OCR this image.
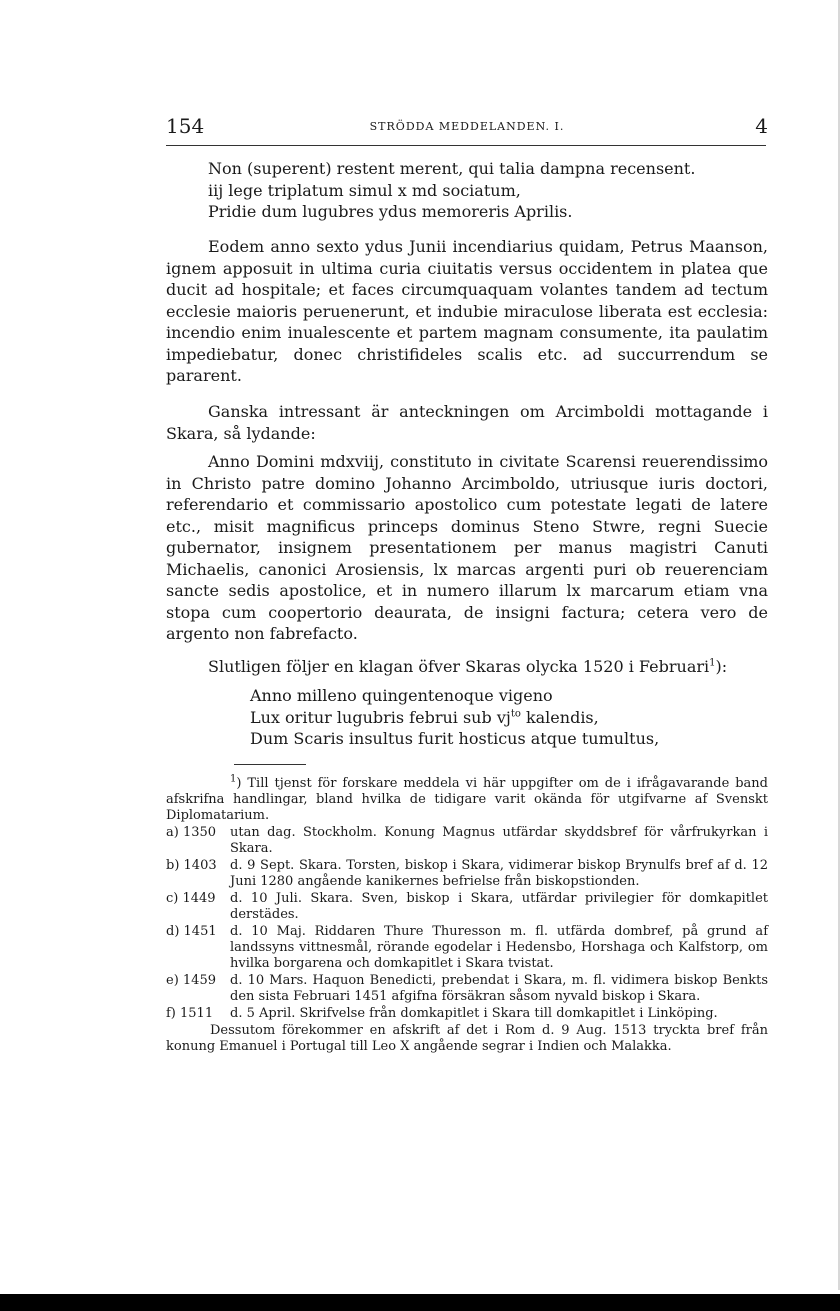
154	STRÖDDA MEDDELANDEN. I.	4
Non (superent) restent merent, qui talia dampna recensent.
iij lege triplatum simul x md sociatum,
Pridie dum lugubres ydus memoreris Aprilis.
Eodem anno sexto ydus Junii incendiarius quidam, Petrus Maanson, ignem apposuit in ultima curia ciuitatis versus occidentem in platea que ducit ad hospitale; et faces circumquaquam volantes tandem ad tectum ecclesie maioris peruenerunt, et indubie miraculose liberata est ecclesia: incendio enim inualescente et partem magnam consumente, ita paulatim impediebatur, donec christifideles scalis etc. ad succurrendum se pararent.
Ganska intressant är anteckningen om Arcimboldi mottagande i Skara, så lydande:
Anno Domini mdxviij, constituto in civitate Scarensi reuerendissimo in Christo patre domino Johanno Arcimboldo, utriusque iuris doctori, referendario et commissario apostolico cum potestate legati de latere etc., misit magnificus princeps dominus Steno Stwre, regni Suecie gubernator, insignem presentationem per manus magistri Canuti Michaelis, canonici Arosiensis, lx marcas argenti puri ob reuerenciam sancte sedis apostolice, et in numero illarum lx marcarum etiam vna stopa cum coopertorio deaurata, de insigni factura; cetera vero de argento non fabrefacto.
Slutligen följer en klagan öfver Skaras olycka 1520 i Februari$^1$):
Anno milleno quingentenoque vigeno
Lux oritur lugubris februi sub $vj^{to}$ kalendis,
Dum Scaris insultus furit hosticus atque tumultus,
$^1$) Till tjenst för forskare meddela vi här uppgifter om de i ifrågavarande band afskrifna handlingar, bland hvilka de tidigare varit okända för utgifvarne af Svenskt Diplomatarium.
a) 1350	utan dag. Stockholm. Konung Magnus utfärdar skyddsbref för vårfrukyrkan i Skara.
b) 1403	d. 9 Sept. Skara. Torsten, biskop i Skara, vidimerar biskop Brynulfs bref af d. 12 Juni 1280 angående kanikernes befrielse från biskopstionden.
c) 1449	d. 10 Juli. Skara. Sven, biskop i Skara, utfärdar privilegier för domkapitlet derstädes.
d) 1451	d. 10 Maj. Riddaren Thure Thuresson m. fl. utfärda dombref, på grund af landssyns vittnesmål, rörande egodelar i Hedensbo, Horshaga och Kalfstorp, om hvilka borgarena och domkapitlet i Skara tvistat.
e) 1459	d. 10 Mars. Haquon Benedicti, prebendat i Skara, m. fl. vidimera biskop Benkts den sista Februari 1451 afgifna försäkran såsom nyvald biskop i Skara.
f) 1511	d. 5 April. Skrifvelse från domkapitlet i Skara till domkapitlet i Linköping.
Dessutom förekommer en afskrift af det i Rom d. 9 Aug. 1513 tryckta bref från konung Emanuel i Portugal till Leo X angående segrar i Indien och Malakka.
